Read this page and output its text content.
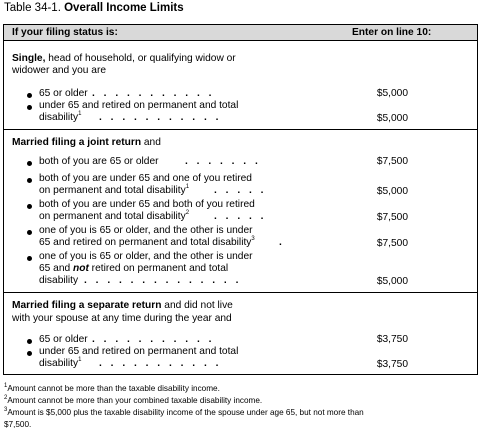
Table 34-1. Overall Income Limits
If your filing status is:	Enter on line 10:
Single, head of household, or qualifying widow or
widower and you are
65 or older . . . . . . . . . . .	$5,000
under 65 and retired on permanent and total
disability$^1$ . . . . . . . . . . .	$5,000
Married filing a joint return and
both of you are 65 or older	. . . . . . .	$7,500
both of you are under 65 and one of you retired
on permanent and total disability$^1$ . . . . .	$5,000
both of you are under 65 and both of you retired
on permanent and total disability$^2$ . . . . .	$7,500
one of you is 65 or older, and the other is under
65 and retired on permanent and total disability$^3$ .	$7,500
one of you is 65 or older, and the other is under
65 and not retired on permanent and total
disability . . . . . . . . . . . . . .	$5,000
Married filing a separate return and did not live
with your spouse at any time during the year and
65 or older . . . . . . . . . . .	$3,750
under 65 and retired on permanent and total
disability$^1$ . . . . . . . . . . .	$3,750
$^1$Amount cannot be more than the taxable disability income.
$^2$Amount cannot be more than your combined taxable disability income.
$^3$Amount is $5,000 plus the taxable disability income of the spouse under age 65, but not more than
$7,500.
